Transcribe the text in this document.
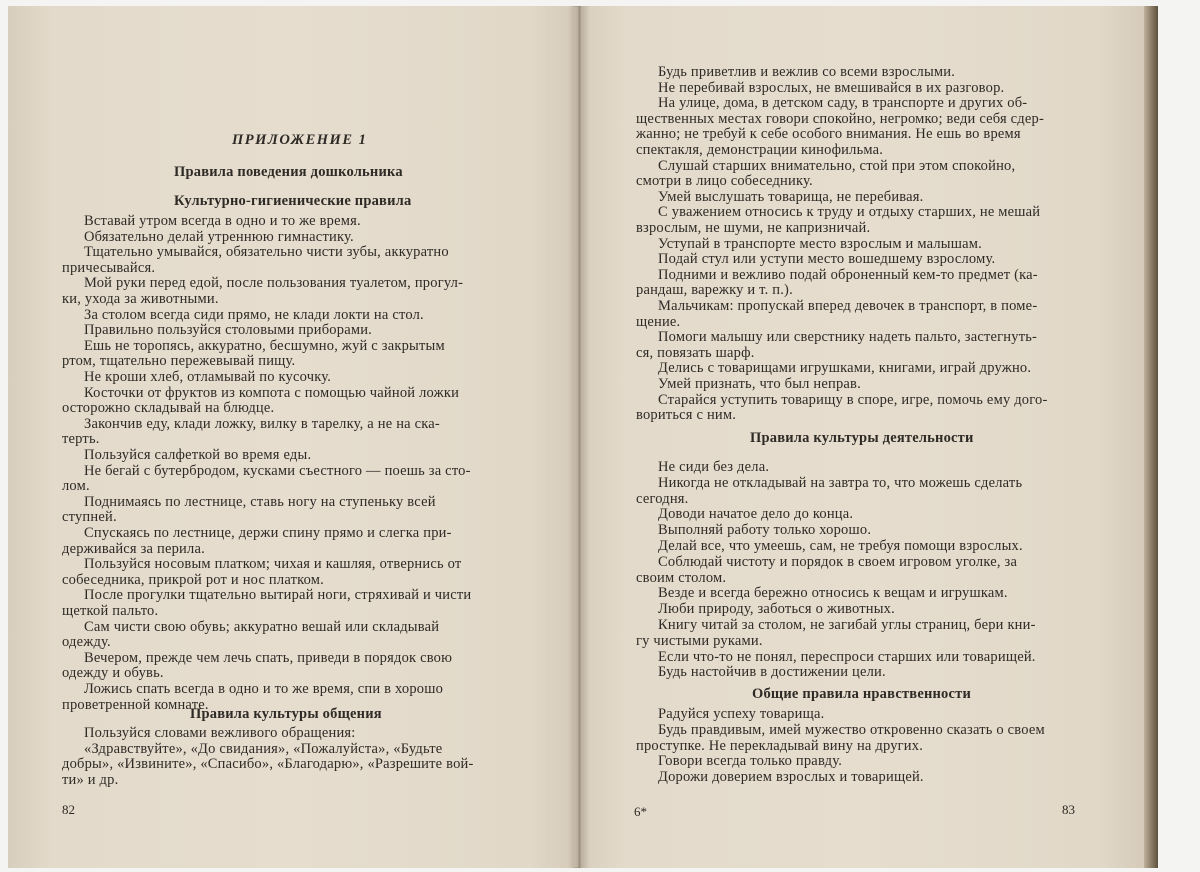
ПРИЛОЖЕНИЕ 1
Правила поведения дошкольника
Культурно-гигиенические правила
Правила культуры общения
82
Правила культуры деятельности
Общие правила нравственности
6*	83
Вставай утром всегда в одно и то же время.
Обязательно делай утреннюю гимнастику.
Тщательно умывайся, обязательно чисти зубы, аккуратно
причесывайся.
Мой руки перед едой, после пользования туалетом, прогул-
ки, ухода за животными.
За столом всегда сиди прямо, не клади локти на стол.
Правильно пользуйся столовыми приборами.
Ешь не торопясь, аккуратно, бесшумно, жуй с закрытым
ртом, тщательно пережевывай пищу.
Не кроши хлеб, отламывай по кусочку.
Косточки от фруктов из компота с помощью чайной ложки
осторожно складывай на блюдце.
Закончив еду, клади ложку, вилку в тарелку, а не на ска-
терть.
Пользуйся салфеткой во время еды.
Не бегай с бутербродом, кусками съестного — поешь за сто-
лом.
Поднимаясь по лестнице, ставь ногу на ступеньку всей
ступней.
Спускаясь по лестнице, держи спину прямо и слегка при-
держивайся за перила.
Пользуйся носовым платком; чихая и кашляя, отвернись от
собеседника, прикрой рот и нос платком.
После прогулки тщательно вытирай ноги, стряхивай и чисти
щеткой пальто.
Сам чисти свою обувь; аккуратно вешай или складывай
одежду.
Вечером, прежде чем лечь спать, приведи в порядок свою
одежду и обувь.
Ложись спать всегда в одно и то же время, спи в хорошо
проветренной комнате.
Пользуйся словами вежливого обращения:
«Здравствуйте», «До свидания», «Пожалуйста», «Будьте
добры», «Извините», «Спасибо», «Благодарю», «Разрешите вой-
ти» и др.
Будь приветлив и вежлив со всеми взрослыми.
Не перебивай взрослых, не вмешивайся в их разговор.
На улице, дома, в детском саду, в транспорте и других об-
щественных местах говори спокойно, негромко; веди себя сдер-
жанно; не требуй к себе особого внимания. Не ешь во время
спектакля, демонстрации кинофильма.
Слушай старших внимательно, стой при этом спокойно,
смотри в лицо собеседнику.
Умей выслушать товарища, не перебивая.
С уважением относись к труду и отдыху старших, не мешай
взрослым, не шуми, не капризничай.
Уступай в транспорте место взрослым и малышам.
Подай стул или уступи место вошедшему взрослому.
Подними и вежливо подай оброненный кем-то предмет (ка-
рандаш, варежку и т. п.).
Мальчикам: пропускай вперед девочек в транспорт, в поме-
щение.
Помоги малышу или сверстнику надеть пальто, застегнуть-
ся, повязать шарф.
Делись с товарищами игрушками, книгами, играй дружно.
Умей признать, что был неправ.
Старайся уступить товарищу в споре, игре, помочь ему дого-
вориться с ним.
Не сиди без дела.
Никогда не откладывай на завтра то, что можешь сделать
сегодня.
Доводи начатое дело до конца.
Выполняй работу только хорошо.
Делай все, что умеешь, сам, не требуя помощи взрослых.
Соблюдай чистоту и порядок в своем игровом уголке, за
своим столом.
Везде и всегда бережно относись к вещам и игрушкам.
Люби природу, заботься о животных.
Книгу читай за столом, не загибай углы страниц, бери кни-
гу чистыми руками.
Если что-то не понял, переспроси старших или товарищей.
Будь настойчив в достижении цели.
Радуйся успеху товарища.
Будь правдивым, имей мужество откровенно сказать о своем
проступке. Не перекладывай вину на других.
Говори всегда только правду.
Дорожи доверием взрослых и товарищей.
